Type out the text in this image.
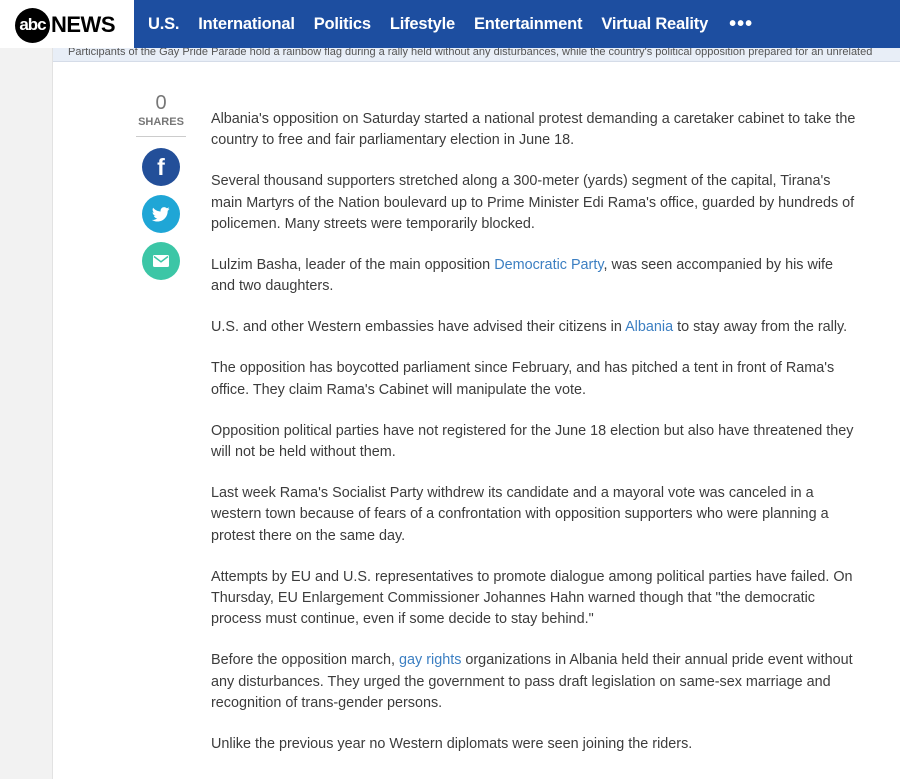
abc NEWS U.S. International Politics Lifestyle Entertainment Virtual Reality •••
Participants of the Gay Pride Parade hold a rainbow flag during a rally held without any disturbances, while the country's political opposition prepared for an unrelated
0
SHARES
f

Albania's opposition on Saturday started a national protest demanding a caretaker cabinet to take the country to free and fair parliamentary election in June 18.

Several thousand supporters stretched along a 300-meter (yards) segment of the capital, Tirana's main Martyrs of the Nation boulevard up to Prime Minister Edi Rama's office, guarded by hundreds of policemen. Many streets were temporarily blocked.

Lulzim Basha, leader of the main opposition Democratic Party, was seen accompanied by his wife and two daughters.

U.S. and other Western embassies have advised their citizens in Albania to stay away from the rally.

The opposition has boycotted parliament since February, and has pitched a tent in front of Rama's office. They claim Rama's Cabinet will manipulate the vote.

Opposition political parties have not registered for the June 18 election but also have threatened they will not be held without them.

Last week Rama's Socialist Party withdrew its candidate and a mayoral vote was canceled in a western town because of fears of a confrontation with opposition supporters who were planning a protest there on the same day.

Attempts by EU and U.S. representatives to promote dialogue among political parties have failed. On Thursday, EU Enlargement Commissioner Johannes Hahn warned though that "the democratic process must continue, even if some decide to stay behind."

Before the opposition march, gay rights organizations in Albania held their annual pride event without any disturbances. They urged the government to pass draft legislation on same-sex marriage and recognition of trans-gender persons.

Unlike the previous year no Western diplomats were seen joining the riders.
